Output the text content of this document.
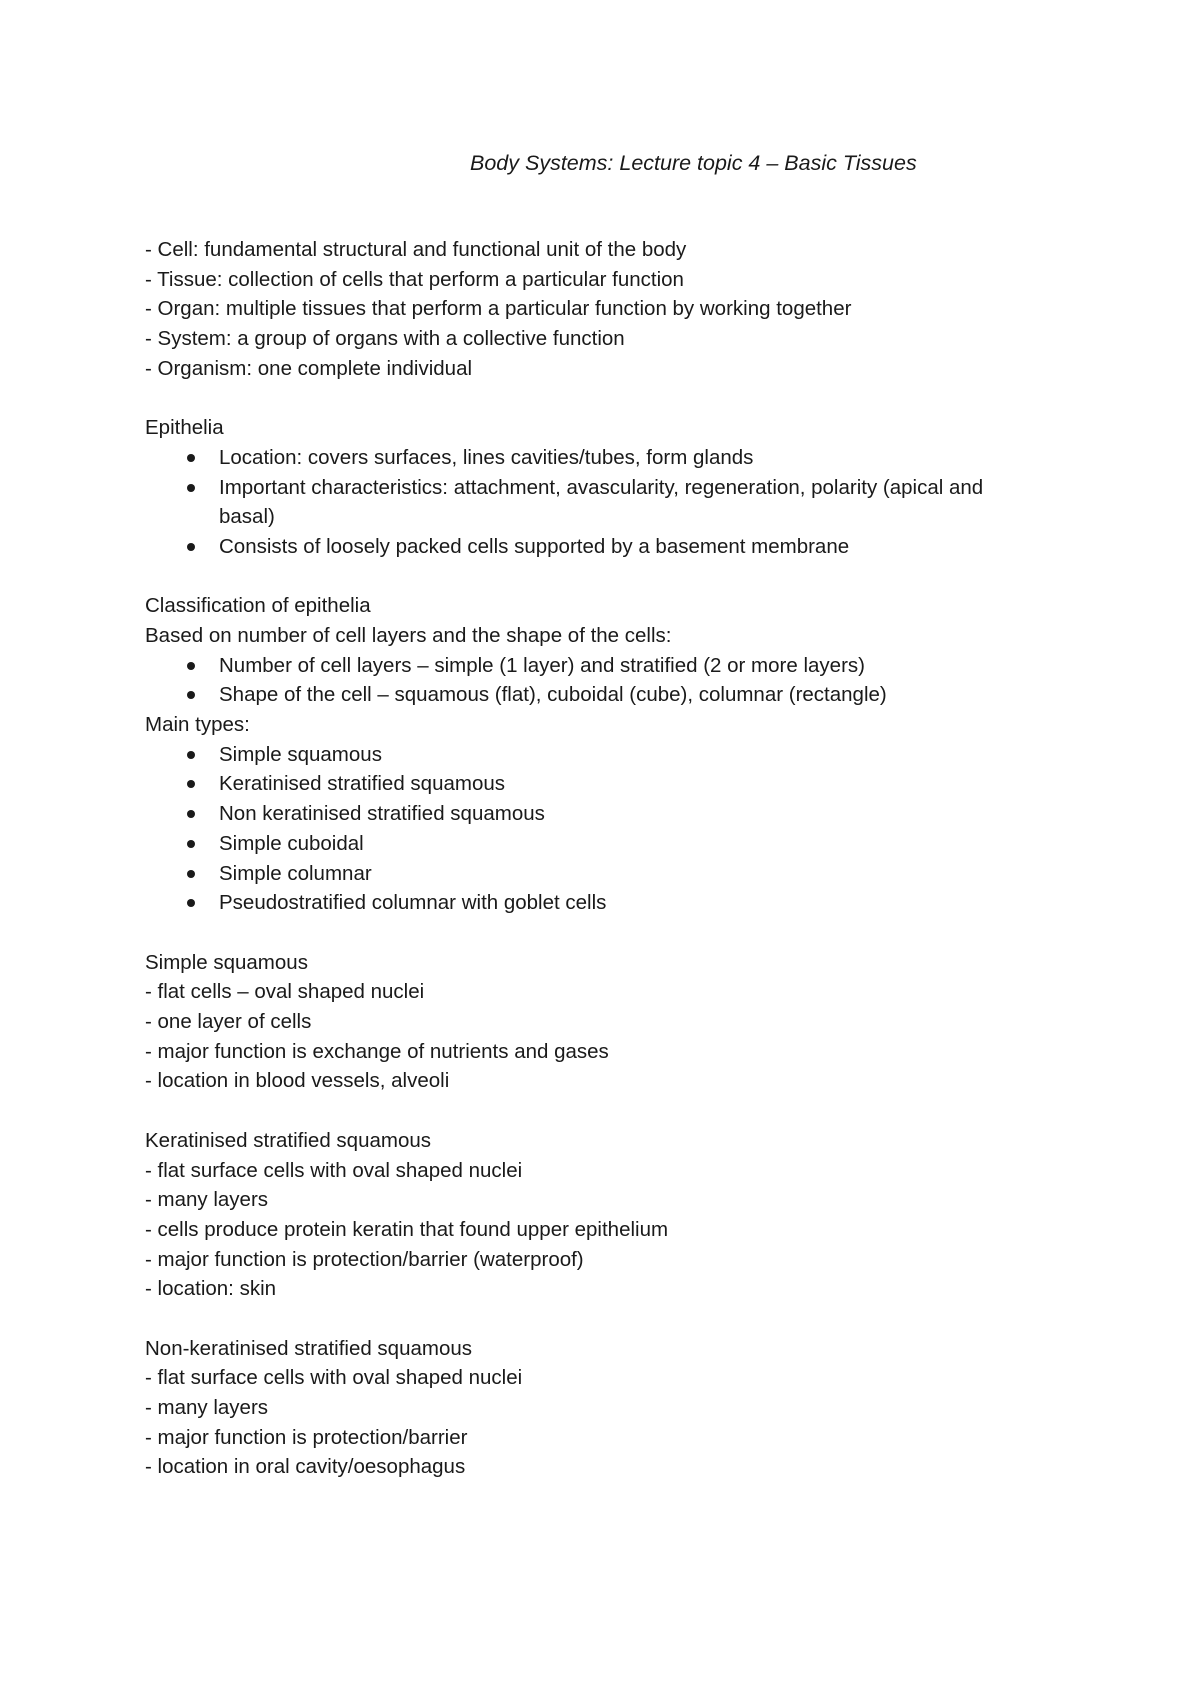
Body Systems: Lecture topic 4 – Basic Tissues
- Cell: fundamental structural and functional unit of the body
- Tissue: collection of cells that perform a particular function
- Organ: multiple tissues that perform a particular function by working together
- System: a group of organs with a collective function
- Organism: one complete individual
Epithelia
Location: covers surfaces, lines cavities/tubes, form glands
Important characteristics: attachment, avascularity, regeneration, polarity (apical and basal)
Consists of loosely packed cells supported by a basement membrane
Classification of epithelia
Based on number of cell layers and the shape of the cells:
Number of cell layers – simple (1 layer) and stratified (2 or more layers)
Shape of the cell – squamous (flat), cuboidal (cube), columnar (rectangle)
Main types:
Simple squamous
Keratinised stratified squamous
Non keratinised stratified squamous
Simple cuboidal
Simple columnar
Pseudostratified columnar with goblet cells
Simple squamous
- flat cells – oval shaped nuclei
- one layer of cells
- major function is exchange of nutrients and gases
- location in blood vessels, alveoli
Keratinised stratified squamous
- flat surface cells with oval shaped nuclei
- many layers
- cells produce protein keratin that found upper epithelium
- major function is protection/barrier (waterproof)
- location: skin
Non-keratinised stratified squamous
- flat surface cells with oval shaped nuclei
- many layers
- major function is protection/barrier
- location in oral cavity/oesophagus
